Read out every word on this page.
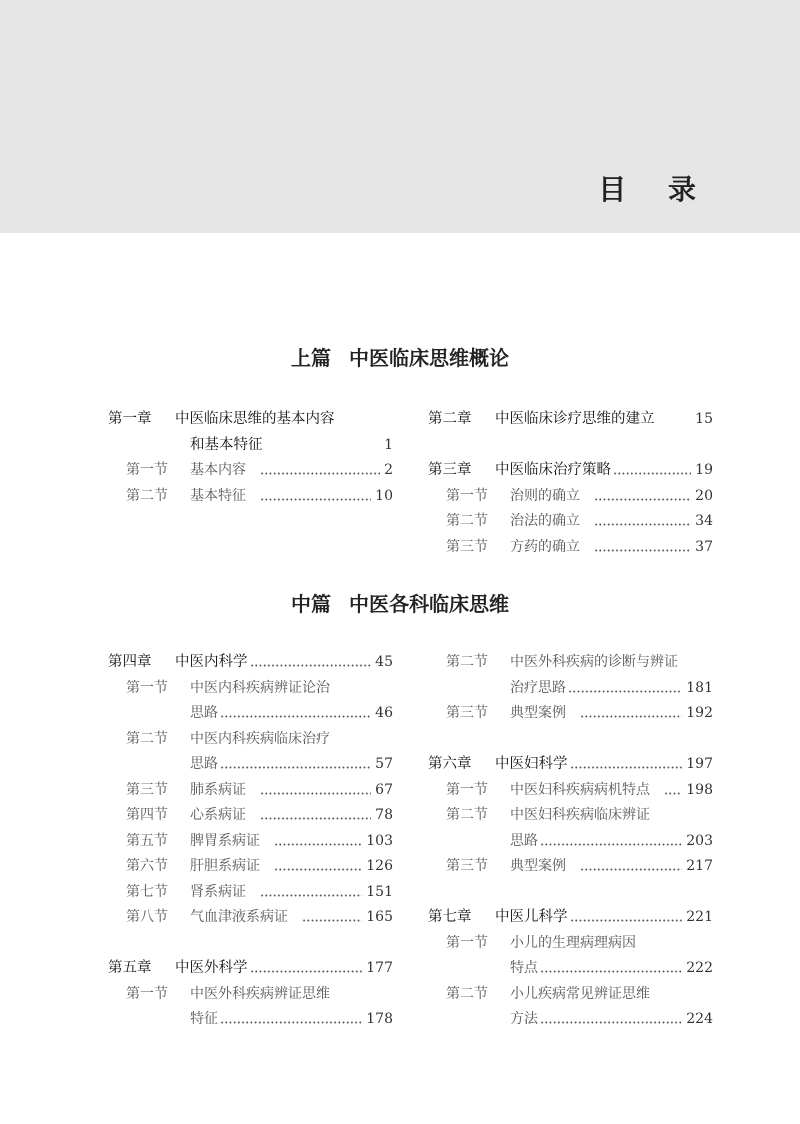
目 录
上篇 中医临床思维概论
中篇 中医各科临床思维
第一章	中医临床思维的基本内容
和基本特征	1
第一节	基本内容	2
第二节	基本特征	10
第二章	中医临床诊疗思维的建立	15
第三章	中医临床治疗策略	19
第一节	治则的确立	20
第二节	治法的确立	34
第三节	方药的确立	37
第四章	中医内科学	45
第一节	中医内科疾病辨证论治
思路	46
第二节	中医内科疾病临床治疗
思路	57
第三节	肺系病证	67
第四节	心系病证	78
第五节	脾胃系病证	103
第六节	肝胆系病证	126
第七节	肾系病证	151
第八节	气血津液系病证	165
第五章	中医外科学	177
第一节	中医外科疾病辨证思维
特征	178
第二节	中医外科疾病的诊断与辨证
治疗思路	181
第三节	典型案例	192
第六章	中医妇科学	197
第一节	中医妇科疾病病机特点	198
第二节	中医妇科疾病临床辨证
思路	203
第三节	典型案例	217
第七章	中医儿科学	221
第一节	小儿的生理病理病因
特点	222
第二节	小儿疾病常见辨证思维
方法	224
